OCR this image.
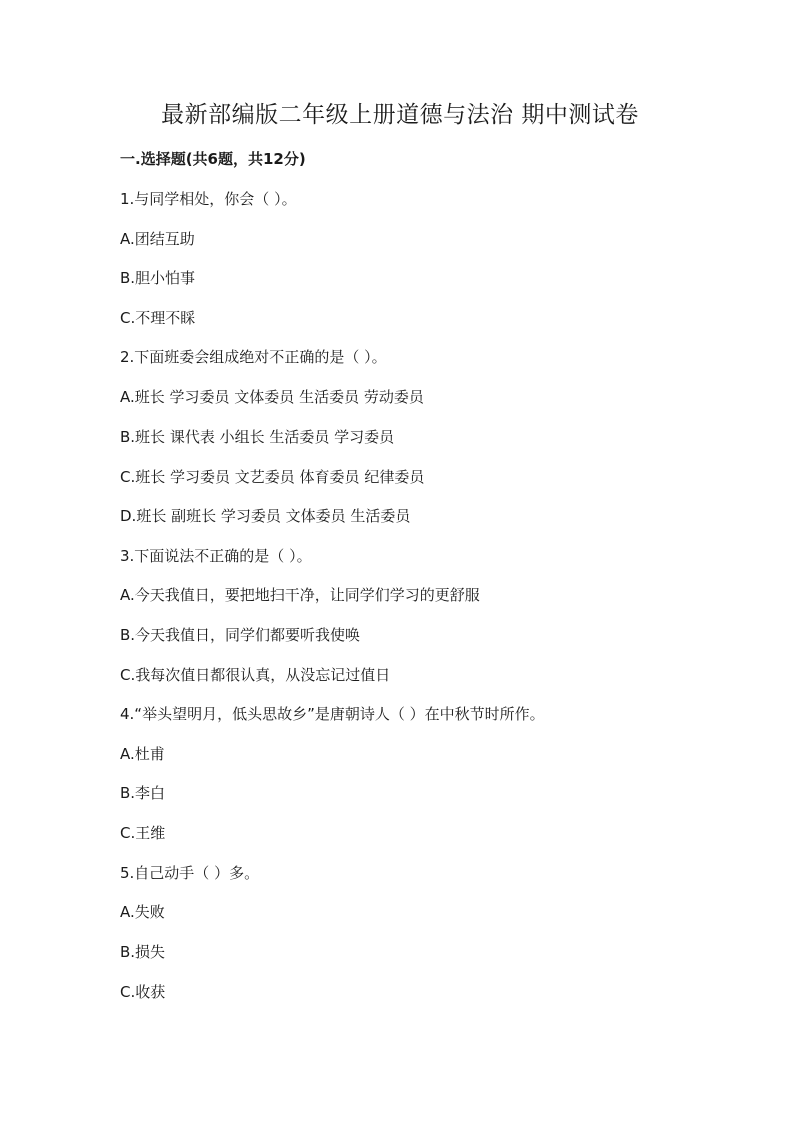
最新部编版二年级上册道德与法治 期中测试卷
一.选择题(共6题，共12分)
1.与同学相处，你会（ ）。
A.团结互助
B.胆小怕事
C.不理不睬
2.下面班委会组成绝对不正确的是（ ）。
A.班长 学习委员 文体委员 生活委员 劳动委员
B.班长 课代表 小组长 生活委员 学习委员
C.班长 学习委员 文艺委员 体育委员 纪律委员
D.班长 副班长 学习委员 文体委员 生活委员
3.下面说法不正确的是（ ）。
A.今天我值日，要把地扫干净，让同学们学习的更舒服
B.今天我值日，同学们都要听我使唤
C.我每次值日都很认真，从没忘记过值日
4.“举头望明月，低头思故乡”是唐朝诗人（ ）在中秋节时所作。
A.杜甫
B.李白
C.王维
5.自己动手（ ）多。
A.失败
B.损失
C.收获
